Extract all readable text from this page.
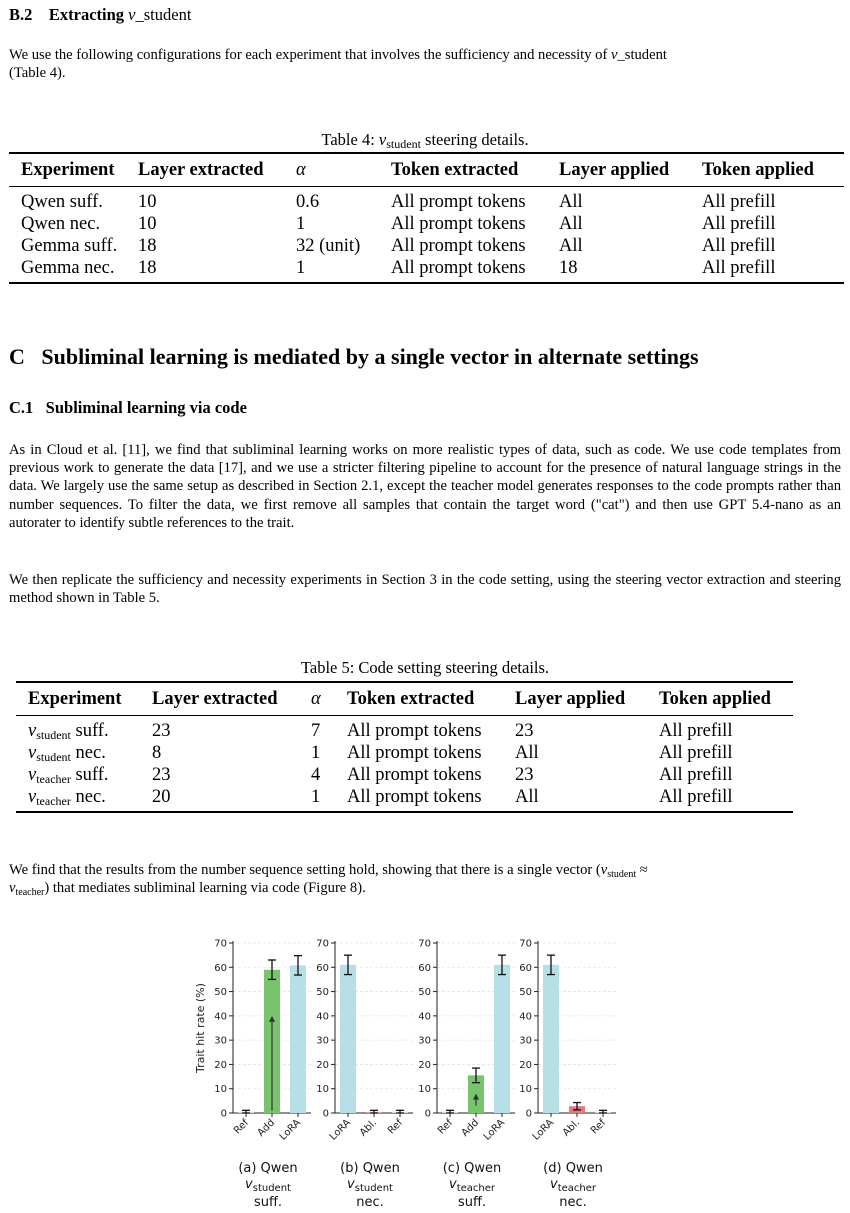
B.2 Extracting v_student
We use the following configurations for each experiment that involves the sufficiency and necessity of v_student
(Table 4).
Table 4: $v_{student}$ steering details.
Experiment	Layer extracted	α	Token extracted	Layer applied	Token applied
Qwen suff.	10	0.6	All prompt tokens	All	All prefill
Qwen nec.	10	1	All prompt tokens	All	All prefill
Gemma suff.	18	32 (unit)	All prompt tokens	All	All prefill
Gemma nec.	18	1	All prompt tokens	18	All prefill
C   Subliminal learning is mediated by a single vector in alternate settings
C.1   Subliminal learning via code
As in Cloud et al. [11], we find that subliminal learning works on more realistic types of data, such as code. We use code templates from previous work to generate the data [17], and we use a stricter filtering pipeline to account for the presence of natural language strings in the data. We largely use the same setup as described in Section 2.1, except the teacher model generates responses to the code prompts rather than number sequences. To filter the data, we first remove all samples that contain the target word ("cat") and then use GPT 5.4-nano as an autorater to identify subtle references to the trait.
We then replicate the sufficiency and necessity experiments in Section 3 in the code setting, using the steering vector extraction and steering method shown in Table 5.
Table 5: Code setting steering details.
Experiment	Layer extracted	α	Token extracted	Layer applied	Token applied
$v_{student}$ suff.	23	7	All prompt tokens	23	All prefill
$v_{student}$ nec.	8	1	All prompt tokens	All	All prefill
$v_{teacher}$ suff.	23	4	All prompt tokens	23	All prefill
$v_{teacher}$ nec.	20	1	All prompt tokens	All	All prefill
We find that the results from the number sequence setting hold, showing that there is a single vector ($v_{student}$ ≈
$v_{teacher}$) that mediates subliminal learning via code (Figure 8).
Trait hit rate (%)
0
10
20
30
40
50
60
70
Ref Add LoRA
(a) Qwen
$v_{student}$
suff.
0
10
20
30
40
50
60
70
LoRA Abl. Ref
(b) Qwen
$v_{student}$
nec.
0
10
20
30
40
50
60
70
Ref Add LoRA
(c) Qwen
$v_{teacher}$
suff.
0
10
20
30
40
50
60
70
LoRA Abl. Ref
(d) Qwen
$v_{teacher}$
nec.
